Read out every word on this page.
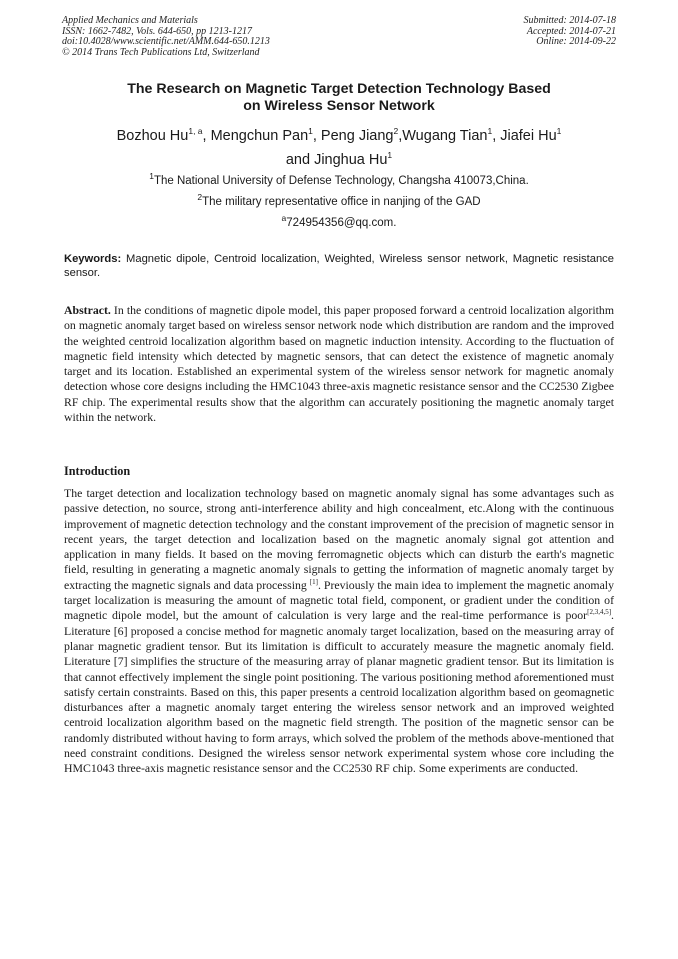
Applied Mechanics and Materials
ISSN: 1662-7482, Vols. 644-650, pp 1213-1217
doi:10.4028/www.scientific.net/AMM.644-650.1213
© 2014 Trans Tech Publications Ltd, Switzerland
Submitted: 2014-07-18
Accepted: 2014-07-21
Online: 2014-09-22
The Research on Magnetic Target Detection Technology Based
on Wireless Sensor Network
Bozhou Hu$^{1, a}$, Mengchun Pan$^1$, Peng Jiang$^2$,Wugang Tian$^1$, Jiafei Hu$^1$
and Jinghua Hu$^1$
$^1$The National University of Defense Technology, Changsha 410073,China.
$^2$The military representative office in nanjing of the GAD
$^a$724954356@qq.com.
Keywords: Magnetic dipole, Centroid localization, Weighted, Wireless sensor network, Magnetic resistance sensor.
Abstract. In the conditions of magnetic dipole model, this paper proposed forward a centroid localization algorithm on magnetic anomaly target based on wireless sensor network node which distribution are random and the improved the weighted centroid localization algorithm based on magnetic induction intensity. According to the fluctuation of magnetic field intensity which detected by magnetic sensors, that can detect the existence of magnetic anomaly target and its location. Established an experimental system of the wireless sensor network for magnetic anomaly detection whose core designs including the HMC1043 three-axis magnetic resistance sensor and the CC2530 Zigbee RF chip. The experimental results show that the algorithm can accurately positioning the magnetic anomaly target within the network.
Introduction
The target detection and localization technology based on magnetic anomaly signal has some advantages such as passive detection, no source, strong anti-interference ability and high concealment, etc.Along with the continuous improvement of magnetic detection technology and the constant improvement of the precision of magnetic sensor in recent years, the target detection and localization based on the magnetic anomaly signal got attention and application in many fields. It based on the moving ferromagnetic objects which can disturb the earth's magnetic field, resulting in generating a magnetic anomaly signals to getting the information of magnetic anomaly target by extracting the magnetic signals and data processing [1]. Previously the main idea to implement the magnetic anomaly target localization is measuring the amount of magnetic total field, component, or gradient under the condition of magnetic dipole model, but the amount of calculation is very large and the real-time performance is poor[2,3,4,5]. Literature [6] proposed a concise method for magnetic anomaly target localization, based on the measuring array of planar magnetic gradient tensor. But its limitation is difficult to accurately measure the magnetic anomaly field. Literature [7] simplifies the structure of the measuring array of planar magnetic gradient tensor. But its limitation is that cannot effectively implement the single point positioning. The various positioning method aforementioned must satisfy certain constraints. Based on this, this paper presents a centroid localization algorithm based on geomagnetic disturbances after a magnetic anomaly target entering the wireless sensor network and an improved weighted centroid localization algorithm based on the magnetic field strength. The position of the magnetic sensor can be randomly distributed without having to form arrays, which solved the problem of the methods above-mentioned that need constraint conditions. Designed the wireless sensor network experimental system whose core including the HMC1043 three-axis magnetic resistance sensor and the CC2530 RF chip. Some experiments are conducted.
